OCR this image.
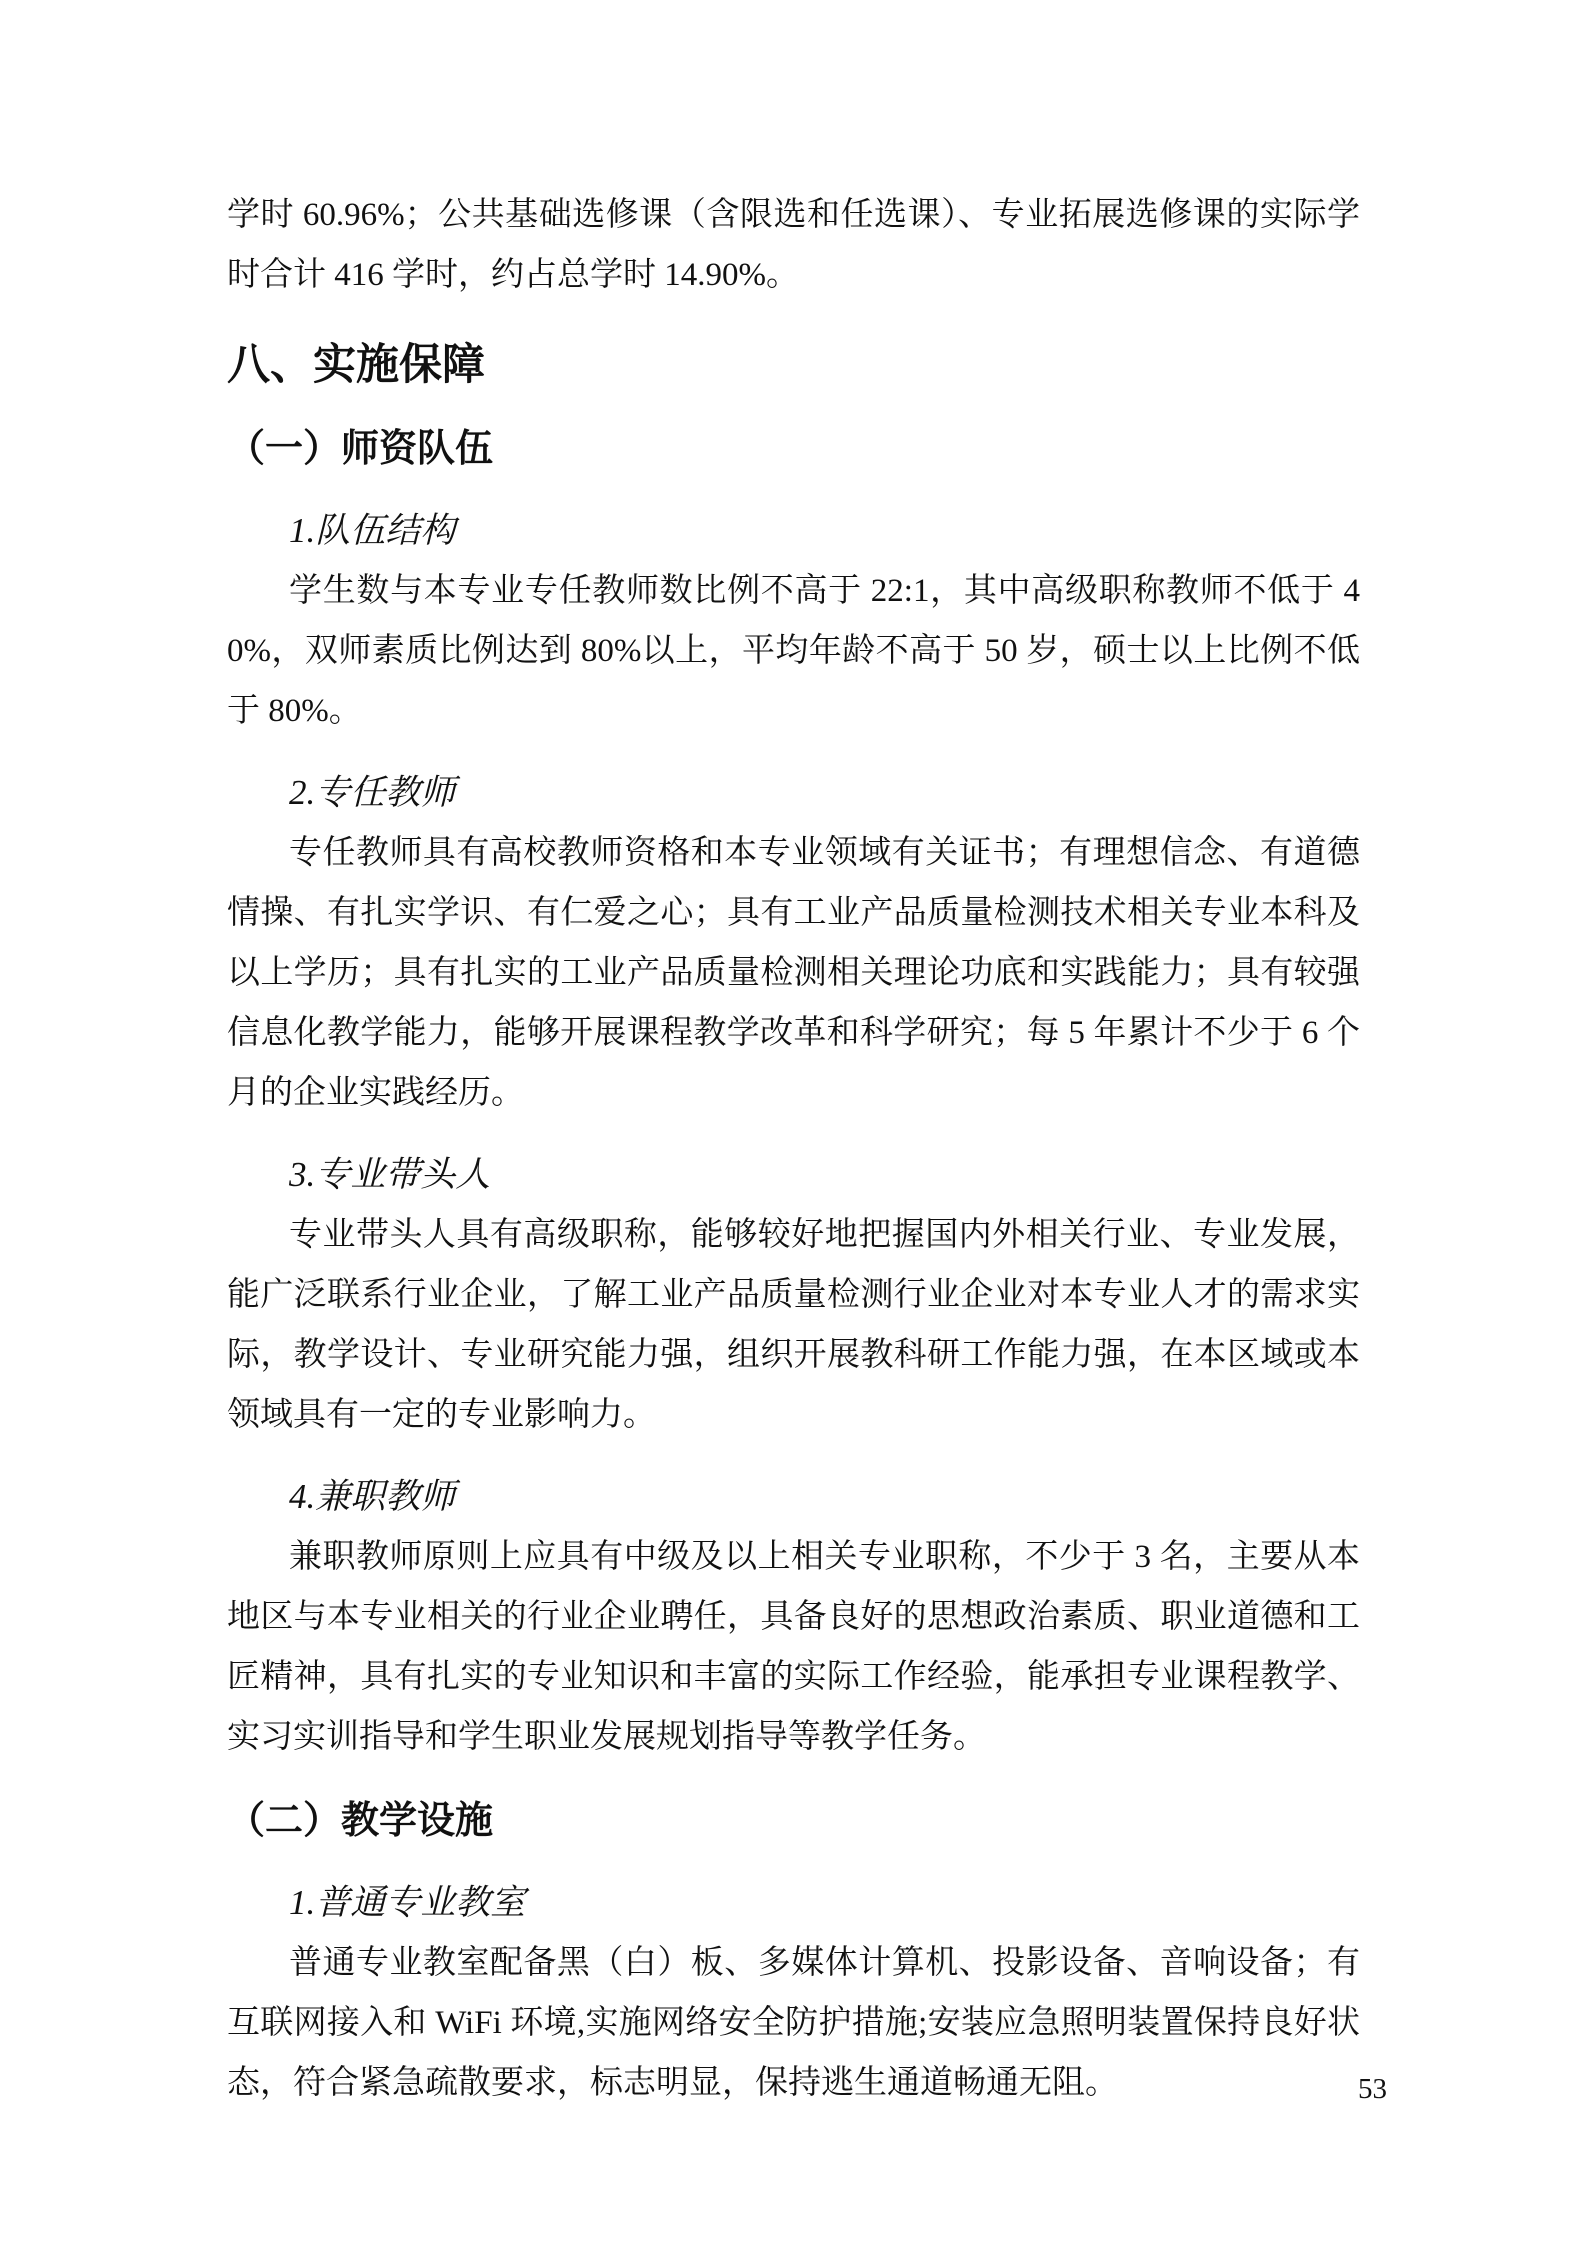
学时 60.96%；公共基础选修课（含限选和任选课）、专业拓展选修课的实际学时合计 416 学时，约占总学时 14.90%。

八、实施保障
（一）师资队伍
1.队伍结构

学生数与本专业专任教师数比例不高于 22:1，其中高级职称教师不低于 40%，双师素质比例达到 80%以上，平均年龄不高于 50 岁，硕士以上比例不低于 80%。

2.专任教师

专任教师具有高校教师资格和本专业领域有关证书；有理想信念、有道德情操、有扎实学识、有仁爱之心；具有工业产品质量检测技术相关专业本科及以上学历；具有扎实的工业产品质量检测相关理论功底和实践能力；具有较强信息化教学能力，能够开展课程教学改革和科学研究；每 5 年累计不少于 6 个月的企业实践经历。

3.专业带头人

专业带头人具有高级职称，能够较好地把握国内外相关行业、专业发展，能广泛联系行业企业，了解工业产品质量检测行业企业对本专业人才的需求实际，教学设计、专业研究能力强，组织开展教科研工作能力强，在本区域或本领域具有一定的专业影响力。

4.兼职教师

兼职教师原则上应具有中级及以上相关专业职称，不少于 3 名，主要从本地区与本专业相关的行业企业聘任，具备良好的思想政治素质、职业道德和工匠精神，具有扎实的专业知识和丰富的实际工作经验，能承担专业课程教学、实习实训指导和学生职业发展规划指导等教学任务。

（二）教学设施
1.普通专业教室

普通专业教室配备黑（白）板、多媒体计算机、投影设备、音响设备；有互联网接入和 WiFi 环境,实施网络安全防护措施;安装应急照明装置保持良好状态，符合紧急疏散要求，标志明显，保持逃生通道畅通无阻。	53
